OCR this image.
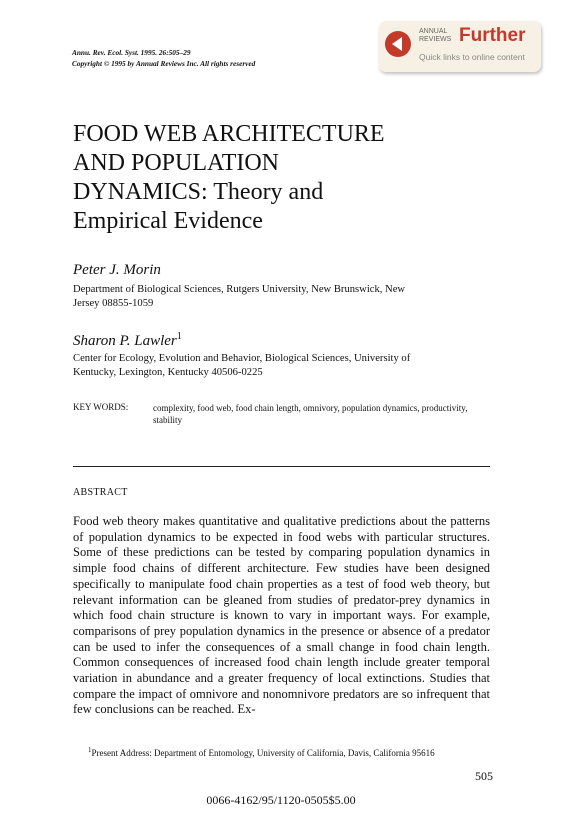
Annu. Rev. Ecol. Syst. 1995. 26:505–29
Copyright © 1995 by Annual Reviews Inc. All rights reserved
ANNUAL
REVIEWS Further
Quick links to online content
FOOD WEB ARCHITECTURE
AND POPULATION
DYNAMICS: Theory and
Empirical Evidence
Peter J. Morin
Department of Biological Sciences, Rutgers University, New Brunswick, New
Jersey 08855-1059
Sharon P. Lawler$^1$
Center for Ecology, Evolution and Behavior, Biological Sciences, University of
Kentucky, Lexington, Kentucky 40506-0225
KEY WORDS:	complexity, food web, food chain length, omnivory, population dynamics, productivity, stability
ABSTRACT
Food web theory makes quantitative and qualitative predictions about the patterns of population dynamics to be expected in food webs with particular structures. Some of these predictions can be tested by comparing population dynamics in simple food chains of different architecture. Few studies have been designed specifically to manipulate food chain properties as a test of food web theory, but relevant information can be gleaned from studies of predator-prey dynamics in which food chain structure is known to vary in important ways. For example, comparisons of prey population dynamics in the presence or absence of a predator can be used to infer the consequences of a small change in food chain length. Common consequences of increased food chain length include greater temporal variation in abundance and a greater frequency of local extinctions. Studies that compare the impact of omnivore and nonomnivore predators are so infrequent that few conclusions can be reached. Ex-
$^1$Present Address: Department of Entomology, University of California, Davis, California 95616
505
0066-4162/95/1120-0505$5.00
